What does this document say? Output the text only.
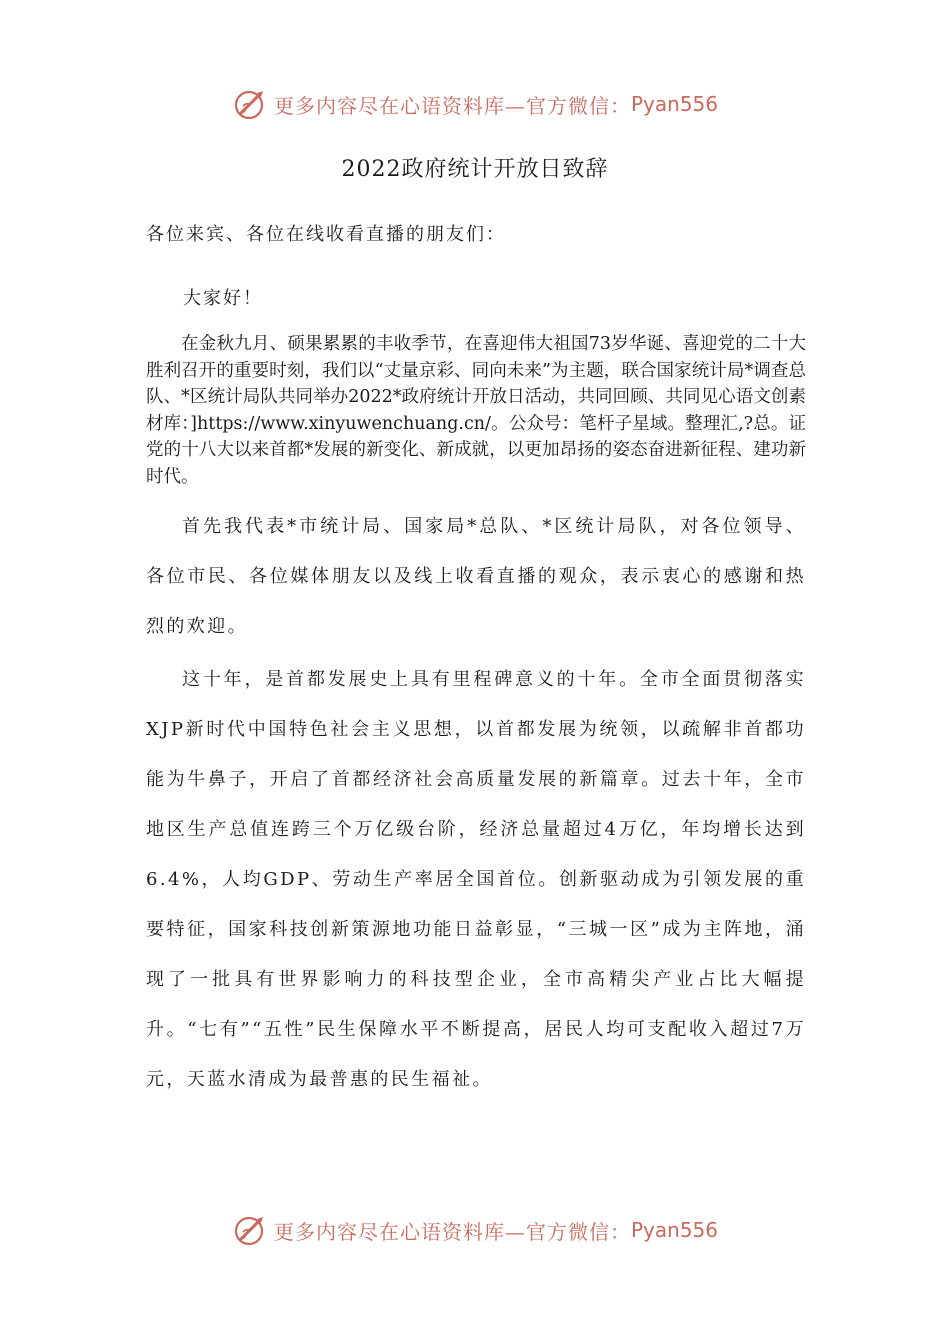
更多内容尽在心语资料库—官方微信： Pyan556
2022政府统计开放日致辞

各位来宾、各位在线收看直播的朋友们：

大家好！

在金秋九月、硕果累累的丰收季节，在喜迎伟大祖国73岁华诞、喜迎党的二十大胜利召开的重要时刻，我们以“丈量京彩、同向未来”为主题，联合国家统计局*调查总队、*区统计局队共同举办2022*政府统计开放日活动，共同回顾、共同见心语文创素材库：]https://www.xinyuwenchuang.cn/。公众号：笔杆子星域。整理汇,?总。证党的十八大以来首都*发展的新变化、新成就，以更加昂扬的姿态奋进新征程、建功新时代。

首先我代表*市统计局、国家局*总队、*区统计局队，对各位领导、各位市民、各位媒体朋友以及线上收看直播的观众，表示衷心的感谢和热烈的欢迎。

这十年，是首都发展史上具有里程碑意义的十年。全市全面贯彻落实XJP新时代中国特色社会主义思想，以首都发展为统领，以疏解非首都功能为牛鼻子，开启了首都经济社会高质量发展的新篇章。过去十年，全市地区生产总值连跨三个万亿级台阶，经济总量超过4万亿，年均增长达到6.4%，人均GDP、劳动生产率居全国首位。创新驱动成为引领发展的重要特征，国家科技创新策源地功能日益彰显，“三城一区”成为主阵地，涌现了一批具有世界影响力的科技型企业，全市高精尖产业占比大幅提升。“七有”“五性”民生保障水平不断提高，居民人均可支配收入超过7万元，天蓝水清成为最普惠的民生福祉。

更多内容尽在心语资料库—官方微信： Pyan556
